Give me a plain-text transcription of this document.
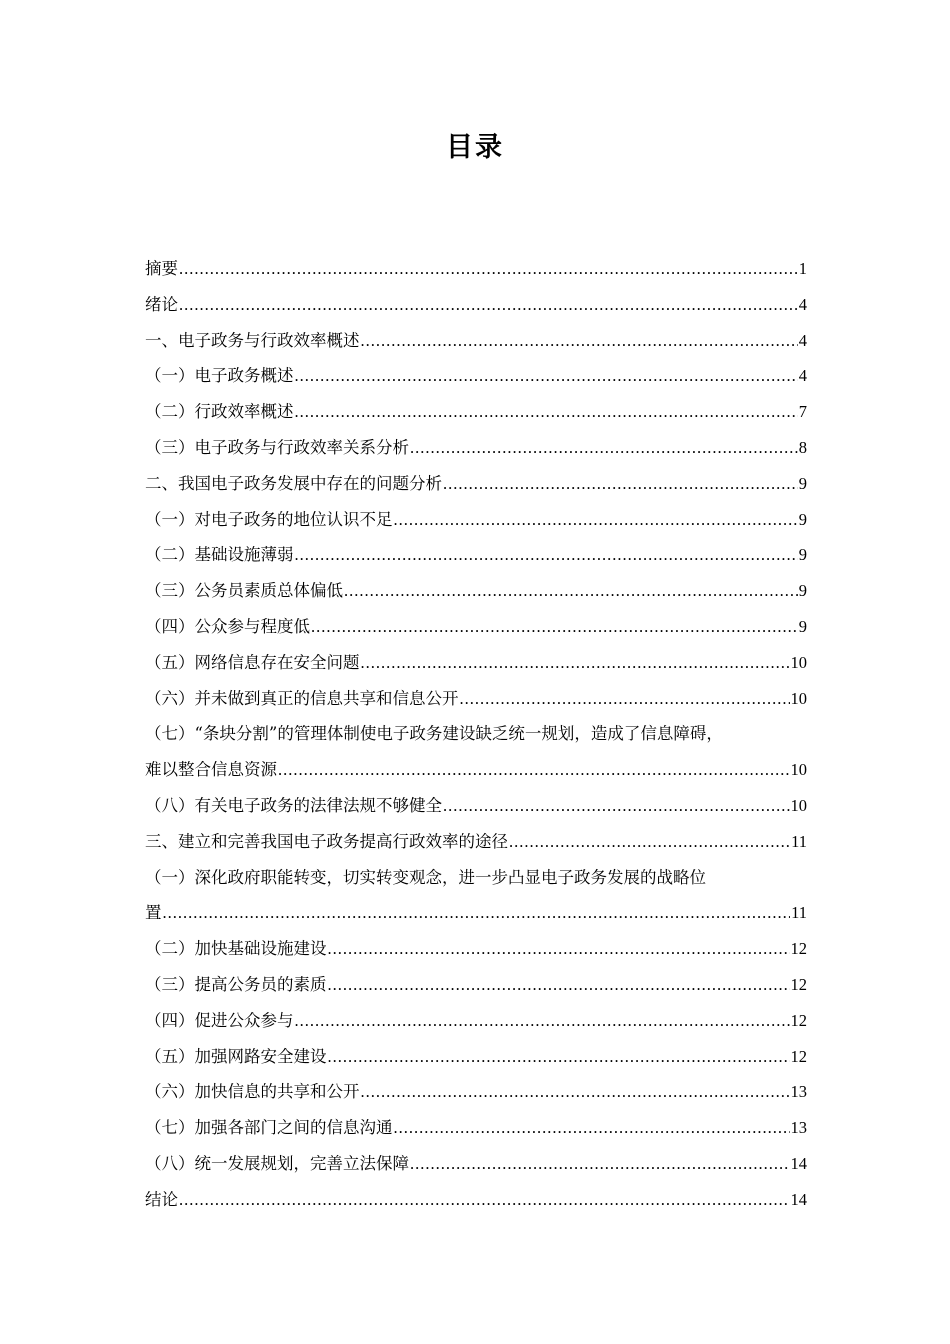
目录
摘要 .....	1
绪论 .....	4
一、电子政务与行政效率概述 .....	4
（一）电子政务概述 .....	4
（二）行政效率概述 .....	7
（三）电子政务与行政效率关系分析 .....	8
二、我国电子政务发展中存在的问题分析 .....	9
（一）对电子政务的地位认识不足 .....	9
（二）基础设施薄弱 .....	9
（三）公务员素质总体偏低 .....	9
（四）公众参与程度低 .....	9
（五）网络信息存在安全问题 .....	10
（六）并未做到真正的信息共享和信息公开 .....	10
（七）“条块分割”的管理体制使电子政务建设缺乏统一规划，造成了信息障碍，
难以整合信息资源 .....	10
（八）有关电子政务的法律法规不够健全 .....	10
三、建立和完善我国电子政务提高行政效率的途径 .....	11
（一）深化政府职能转变，切实转变观念，进一步凸显电子政务发展的战略位
置 .....	11
（二）加快基础设施建设 .....	12
（三）提高公务员的素质 .....	12
（四）促进公众参与 .....	12
（五）加强网路安全建设 .....	12
（六）加快信息的共享和公开 .....	13
（七）加强各部门之间的信息沟通 .....	13
（八）统一发展规划，完善立法保障 .....	14
结论 .....	14
